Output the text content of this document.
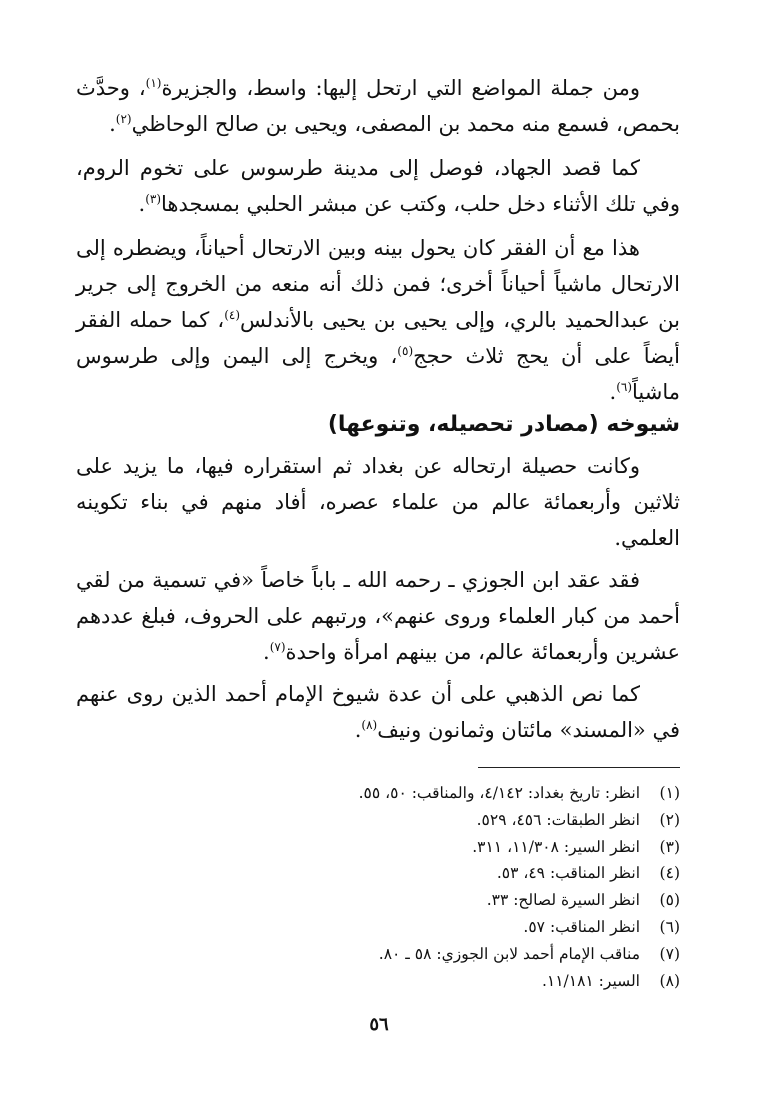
ومن جملة المواضع التي ارتحل إليها: واسط، والجزيرة$^{(١)}$، وحدَّث بحمص، فسمع منه محمد بن المصفى، ويحيى بن صالح الوحاظي$^{(٢)}$.

كما قصد الجهاد، فوصل إلى مدينة طرسوس على تخوم الروم، وفي تلك الأثناء دخل حلب، وكتب عن مبشر الحلبي بمسجدها$^{(٣)}$.

هذا مع أن الفقر كان يحول بينه وبين الارتحال أحياناً، ويضطره إلى الارتحال ماشياً أحياناً أخرى؛ فمن ذلك أنه منعه من الخروج إلى جرير بن عبدالحميد بالري، وإلى يحيى بن يحيى بالأندلس$^{(٤)}$، كما حمله الفقر أيضاً على أن يحج ثلاث حجج$^{(٥)}$، ويخرج إلى اليمن وإلى طرسوس ماشياً$^{(٦)}$.

شيوخه (مصادر تحصيله، وتنوعها)

وكانت حصيلة ارتحاله عن بغداد ثم استقراره فيها، ما يزيد على ثلاثين وأربعمائة عالم من علماء عصره، أفاد منهم في بناء تكوينه العلمي.

فقد عقد ابن الجوزي ـ رحمه الله ـ باباً خاصاً «في تسمية من لقي أحمد من كبار العلماء وروى عنهم»، ورتبهم على الحروف، فبلغ عددهم عشرين وأربعمائة عالم، من بينهم امرأة واحدة$^{(٧)}$.

كما نص الذهبي على أن عدة شيوخ الإمام أحمد الذين روى عنهم في «المسند» مائتان وثمانون ونيف$^{(٨)}$.

(١)انظر: تاريخ بغداد: ٤/١٤٢، والمناقب: ٥٠، ٥٥.
(٢)انظر الطبقات: ٤٥٦، ٥٢٩.
(٣)انظر السير: ١١/٣٠٨، ٣١١.
(٤)انظر المناقب: ٤٩، ٥٣.
(٥)انظر السيرة لصالح: ٣٣.
(٦)انظر المناقب: ٥٧.
(٧)مناقب الإمام أحمد لابن الجوزي: ٥٨ ـ ٨٠.
(٨)السير: ١١/١٨١.

٥٦
